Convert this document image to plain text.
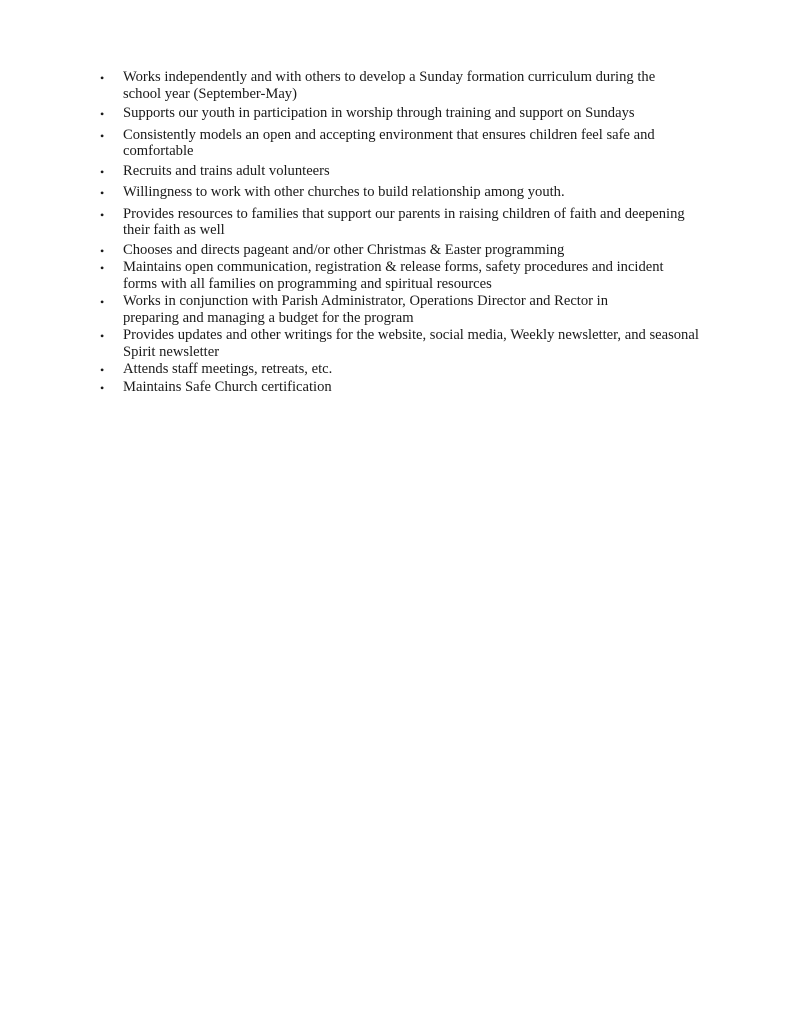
• Works independently and with others to develop a Sunday formation curriculum during the
school year (September-May)
• Supports our youth in participation in worship through training and support on Sundays
• Consistently models an open and accepting environment that ensures children feel safe and
comfortable
• Recruits and trains adult volunteers
• Willingness to work with other churches to build relationship among youth.
• Provides resources to families that support our parents in raising children of faith and deepening
their faith as well
• Chooses and directs pageant and/or other Christmas & Easter programming
• Maintains open communication, registration & release forms, safety procedures and incident
forms with all families on programming and spiritual resources
• Works in conjunction with Parish Administrator, Operations Director and Rector in
preparing and managing a budget for the program
• Provides updates and other writings for the website, social media, Weekly newsletter, and seasonal
Spirit newsletter
• Attends staff meetings, retreats, etc.
• Maintains Safe Church certification
